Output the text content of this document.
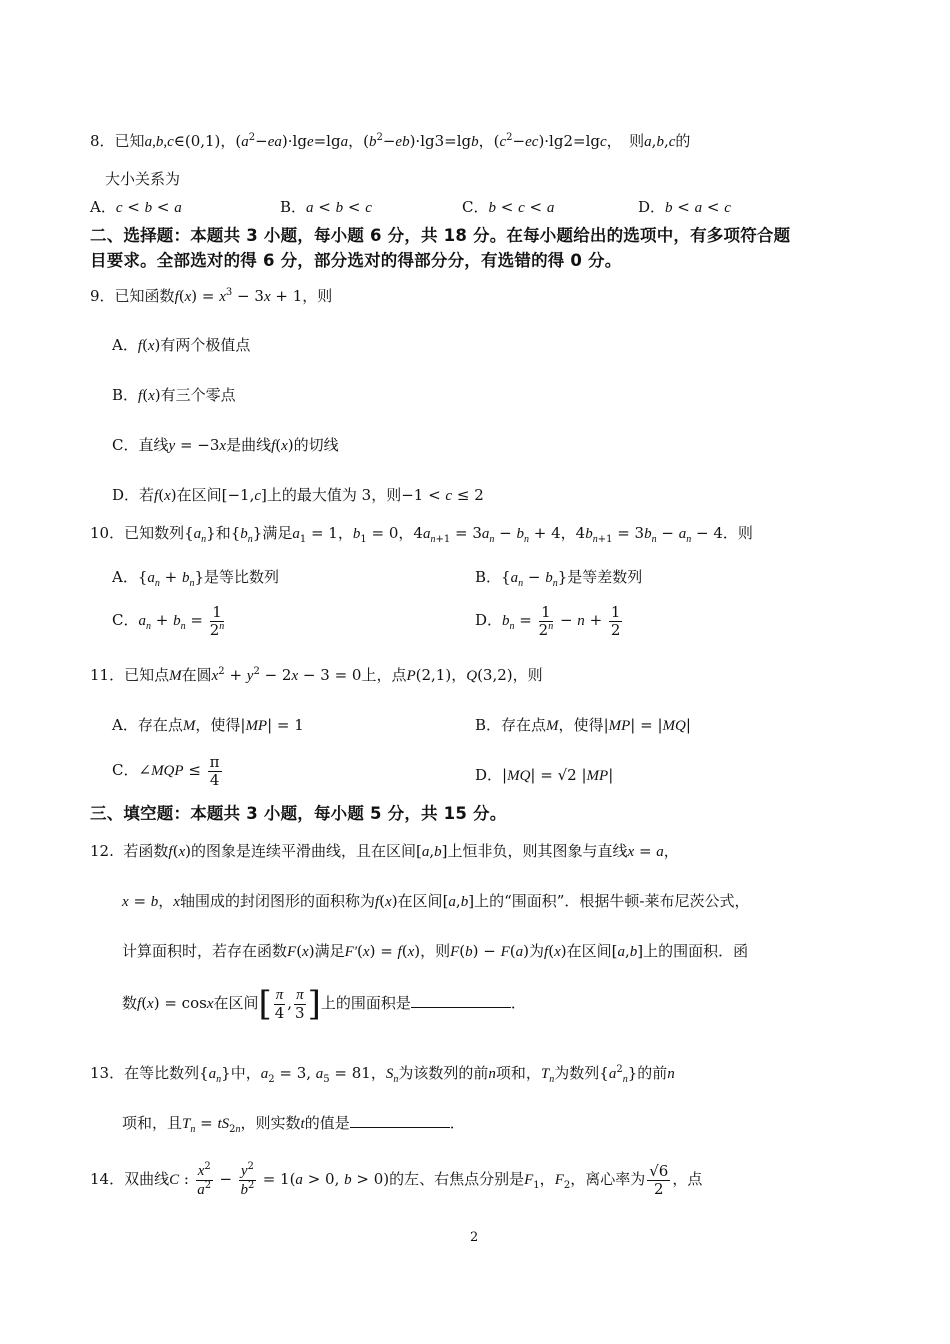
8．已知a,b,c∈(0,1)，$(a^2-ea)\cdot\lg e=\lg a$，$(b^2-eb)\cdot\lg 3=\lg b$，$(c^2-ec)\cdot\lg 2=\lg c$，　则a,b,c的
大小关系为
A．c < b < a	B．a < b < c	C．b < c < a	D．b < a < c
二、选择题：本题共 3 小题，每小题 6 分，共 18 分。在每小题给出的选项中，有多项符合题
目要求。全部选对的得 6 分，部分选对的得部分分，有选错的得 0 分。
9．已知函数$f(x) = x^3 - 3x + 1$，则
A．f(x)有两个极值点
B．f(x)有三个零点
C．直线y = −3x是曲线f(x)的切线
D．若f(x)在区间[−1,c]上的最大值为 3，则−1 < c ≤ 2
10．已知数列$\{a_n\}$和$\{b_n\}$满足$a_1 = 1$，$b_1 = 0$，$4a_{n+1} = 3a_n - b_n + 4$，$4b_{n+1} = 3b_n - a_n - 4$．则
A．$\{a_n + b_n\}$是等比数列	B．$\{a_n - b_n\}$是等差数列
C．$a_n + b_n = \frac{1}{2^n}$	D．$b_n = \frac{1}{2^n} - n + \frac{1}{2}$
11．已知点M在圆$x^2 + y^2 - 2x - 3 = 0$上，点P(2,1)，Q(3,2)，则
A．存在点M，使得|MP| = 1	B．存在点M，使得|MP| = |MQ|
C．∠MQP ≤ $\frac{\pi}{4}$	D．|MQ| = √2 |MP|
三、填空题：本题共 3 小题，每小题 5 分，共 15 分。
12. 若函数f(x)的图象是连续平滑曲线，且在区间[a,b]上恒非负，则其图象与直线x = a，
x = b，x轴围成的封闭图形的面积称为f(x)在区间[a,b]上的“围面积”．根据牛顿-莱布尼茨公式，
计算面积时，若存在函数F(x)满足F′(x) = f(x)，则F(b) − F(a)为f(x)在区间[a,b]上的围面积．函
数f(x) = cosx在区间[ $\frac{\pi}{4}$ , $\frac{\pi}{3}$ ]上的围面积是	．
13．在等比数列$\{a_n\}$中，$a_2 = 3$, $a_5 = 81$，$S_n$为该数列的前n项和，$T_n$为数列$\{a^2_n\}$的前n
项和，且$T_n = tS_{2n}$，则实数t的值是	．
14．双曲线C : $\frac{x^2}{a^2} - \frac{y^2}{b^2} = 1(a > 0$, b > 0)的左、右焦点分别是$F_1$，$F_2$，离心率为 $\frac{√6}{2}$ ，点
2
